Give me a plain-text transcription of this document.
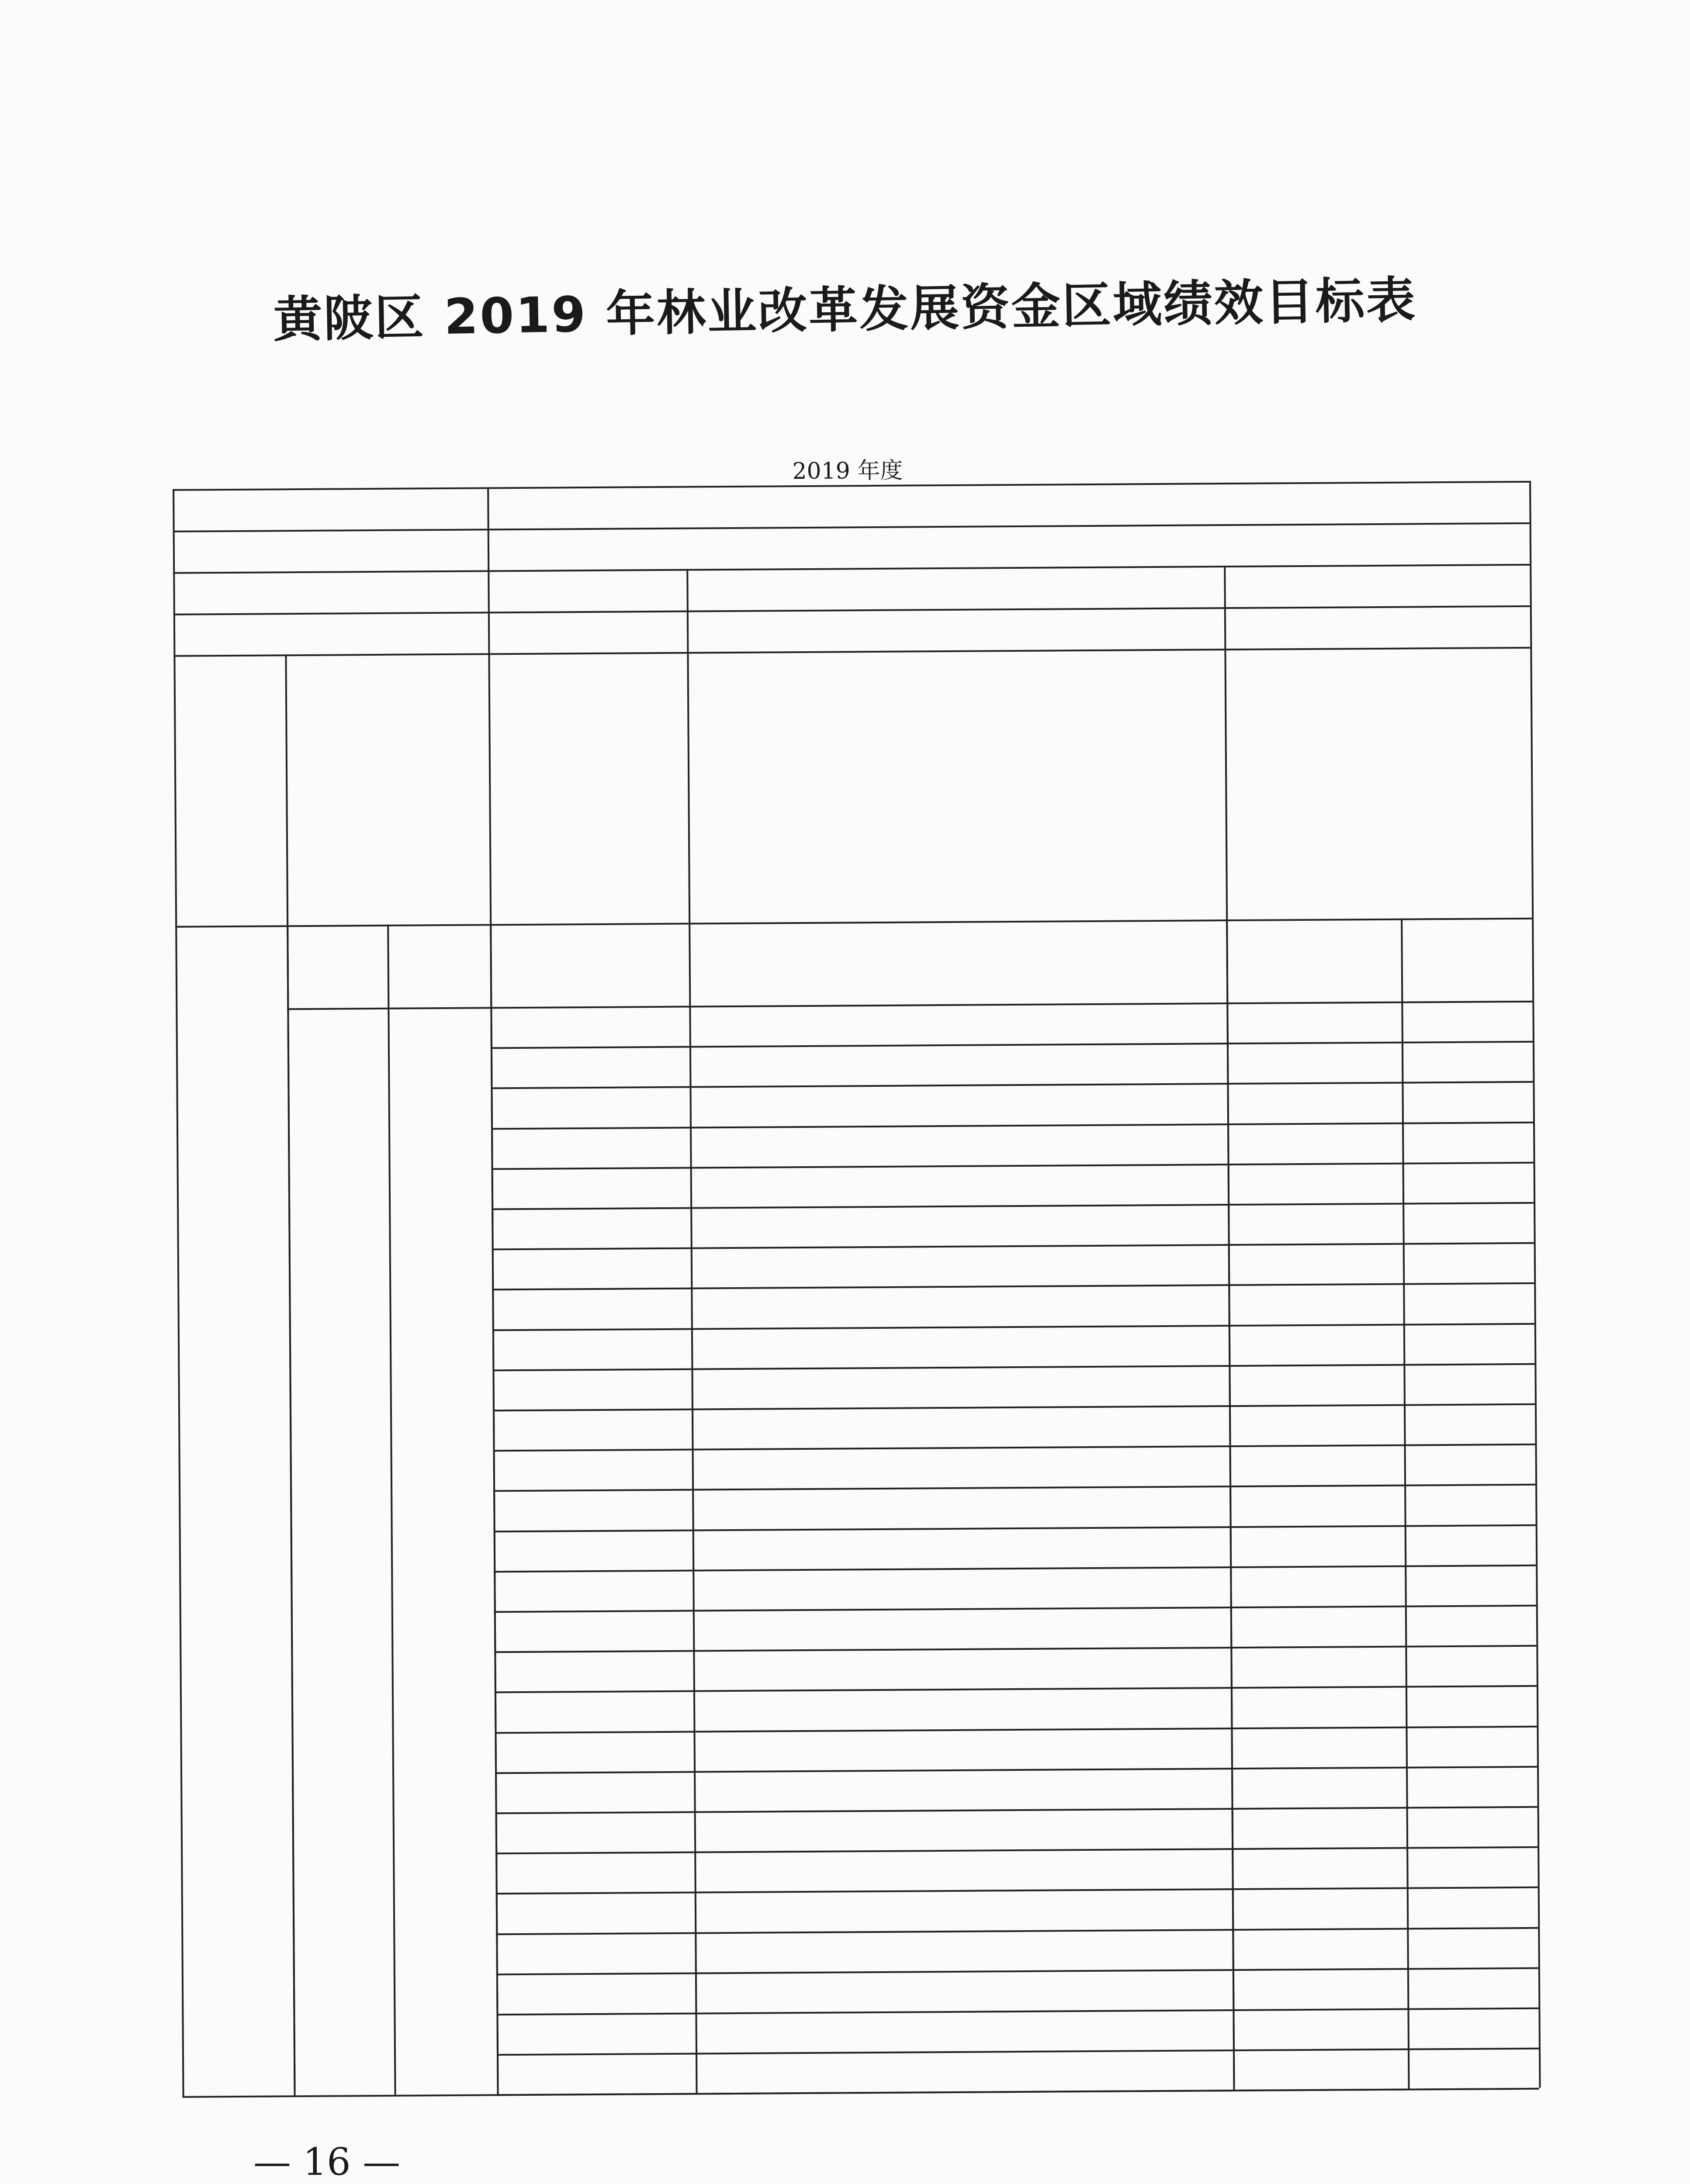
黄陂区 2019 年林业改革发展资金区域绩效目标表
2019 年度
— 16 —
